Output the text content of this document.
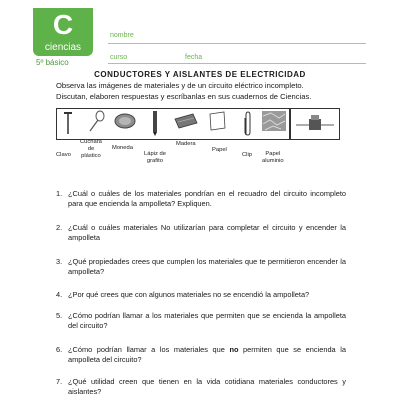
C
ciencias
5º básico
nombre
curso	fecha
CONDUCTORES Y AISLANTES DE ELECTRICIDAD

Observa las imágenes de materiales y de un circuito eléctrico incompleto.

Discutan, elaboren respuestas y escríbanlas en sus cuadernos de Ciencias.

Clavo
Cuchara
de
plástico
Moneda
Lápiz de
grafito
Madera
Papel
Clip	Papel
aluminio
1. ¿Cuál o cuáles de los materiales pondrían en el recuadro del circuito incompleto para que encienda la ampolleta? Expliquen.
2. ¿Cuál o cuáles materiales No utilizarían para completar el circuito y encender la ampolleta
3. ¿Qué propiedades crees que cumplen los materiales que te permitieron encender la ampolleta?
4. ¿Por qué crees que con algunos materiales no se encendió la ampolleta?
5. ¿Cómo podrían llamar a los materiales que permiten que se encienda la ampolleta del circuito?
6. ¿Cómo podrían llamar a los materiales que no permiten que se encienda la ampolleta del circuito?
7. ¿Qué utilidad creen que tienen en la vida cotidiana materiales conductores y aislantes?
